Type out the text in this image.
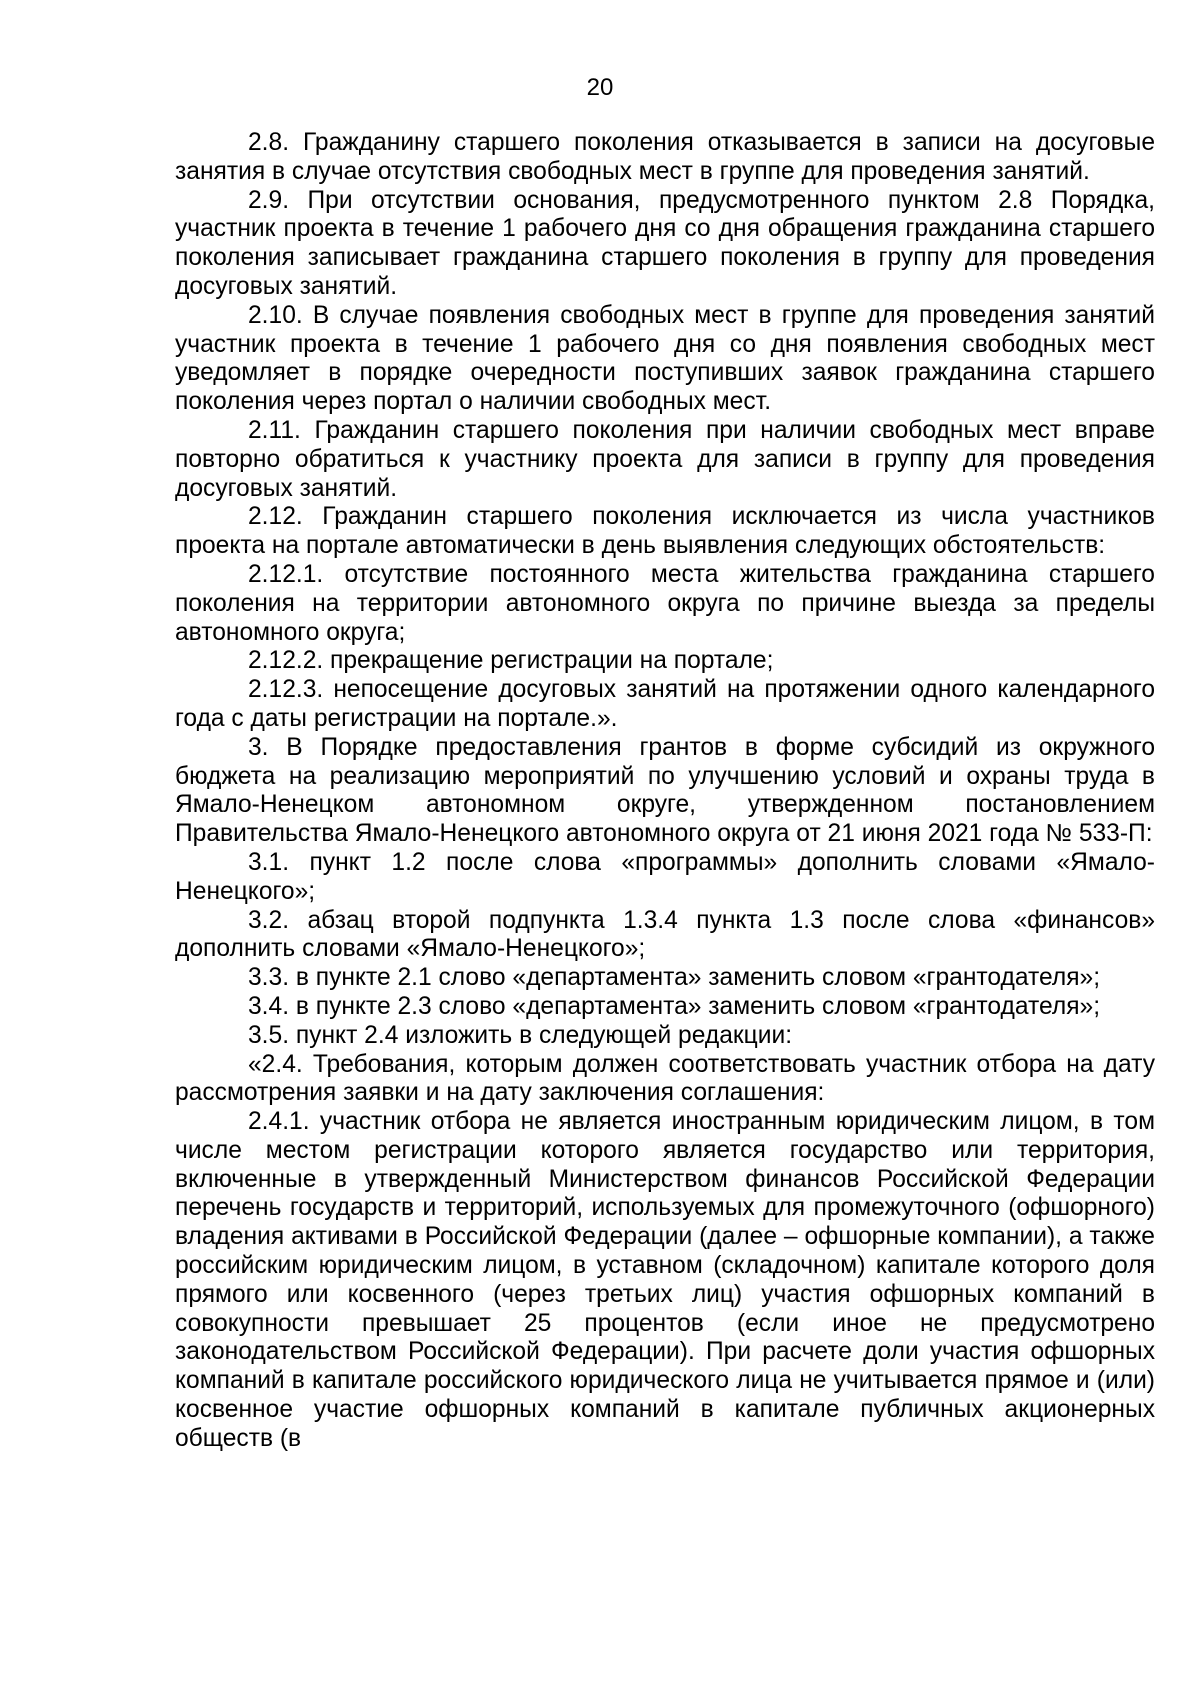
20

2.8. Гражданину старшего поколения отказывается в записи на досуговые занятия в случае отсутствия свободных мест в группе для проведения занятий.

2.9. При отсутствии основания, предусмотренного пунктом 2.8 Порядка, участник проекта в течение 1 рабочего дня со дня обращения гражданина старшего поколения записывает гражданина старшего поколения в группу для проведения досуговых занятий.

2.10. В случае появления свободных мест в группе для проведения занятий участник проекта в течение 1 рабочего дня со дня появления свободных мест уведомляет в порядке очередности поступивших заявок гражданина старшего поколения через портал о наличии свободных мест.

2.11. Гражданин старшего поколения при наличии свободных мест вправе повторно обратиться к участнику проекта для записи в группу для проведения досуговых занятий.

2.12. Гражданин старшего поколения исключается из числа участников проекта на портале автоматически в день выявления следующих обстоятельств:

2.12.1. отсутствие постоянного места жительства гражданина старшего поколения на территории автономного округа по причине выезда за пределы автономного округа;

2.12.2. прекращение регистрации на портале;

2.12.3. непосещение досуговых занятий на протяжении одного календарного года с даты регистрации на портале.».

3. В Порядке предоставления грантов в форме субсидий из окружного бюджета на реализацию мероприятий по улучшению условий и охраны труда в Ямало-Ненецком автономном округе, утвержденном постановлением Правительства Ямало-Ненецкого автономного округа от 21 июня 2021 года № 533-П:

3.1. пункт 1.2 после слова «программы» дополнить словами «Ямало-Ненецкого»;

3.2. абзац второй подпункта 1.3.4 пункта 1.3 после слова «финансов» дополнить словами «Ямало-Ненецкого»;

3.3. в пункте 2.1 слово «департамента» заменить словом «грантодателя»;

3.4. в пункте 2.3 слово «департамента» заменить словом «грантодателя»;

3.5. пункт 2.4 изложить в следующей редакции:

«2.4. Требования, которым должен соответствовать участник отбора на дату рассмотрения заявки и на дату заключения соглашения:

2.4.1. участник отбора не является иностранным юридическим лицом, в том числе местом регистрации которого является государство или территория, включенные в утвержденный Министерством финансов Российской Федерации перечень государств и территорий, используемых для промежуточного (офшорного) владения активами в Российской Федерации (далее – офшорные компании), а также российским юридическим лицом, в уставном (складочном) капитале которого доля прямого или косвенного (через третьих лиц) участия офшорных компаний в совокупности превышает 25 процентов (если иное не предусмотрено законодательством Российской Федерации). При расчете доли участия офшорных компаний в капитале российского юридического лица не учитывается прямое и (или) косвенное участие офшорных компаний в капитале публичных акционерных обществ (в
